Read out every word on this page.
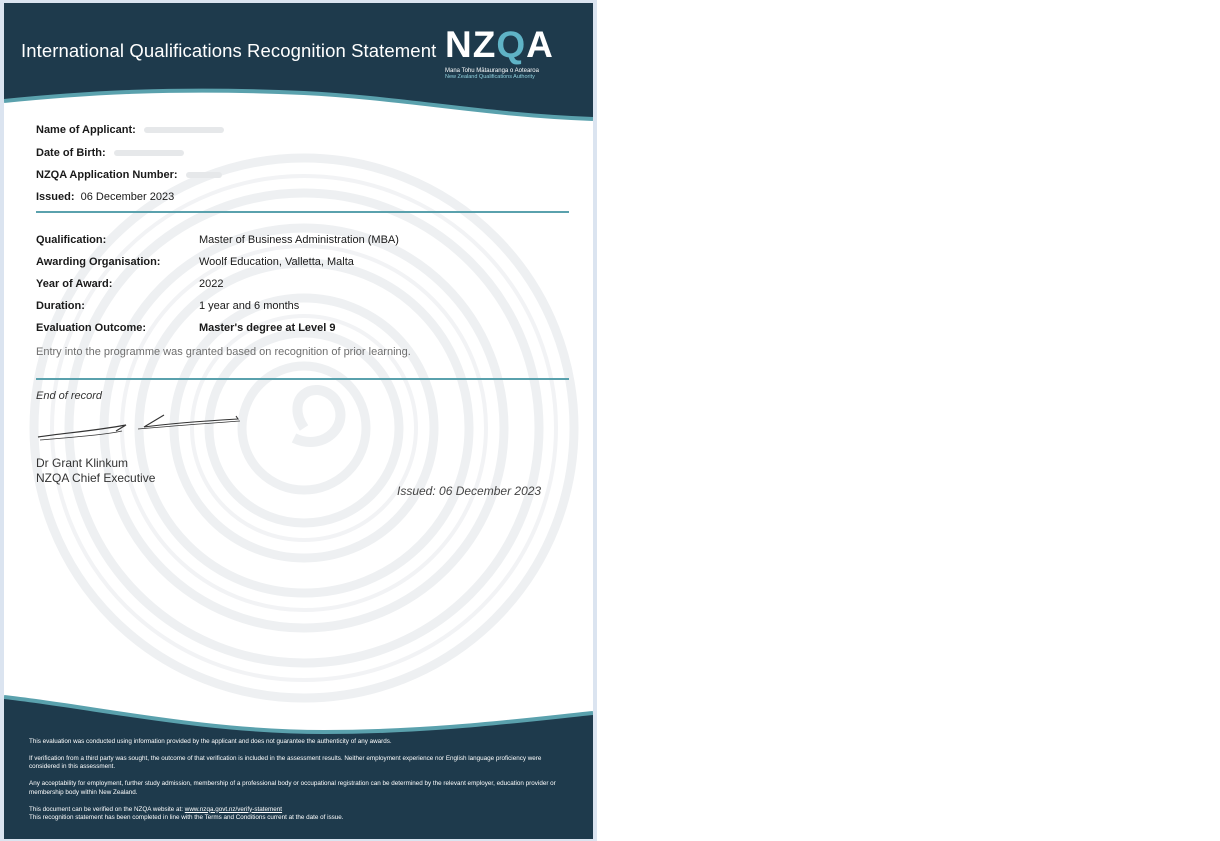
International Qualifications Recognition Statement NZQA
Mana Tohu Mātauranga o Aotearoa
New Zealand Qualifications Authority
Name of Applicant:
Date of Birth:
NZQA Application Number:
Issued: 06 December 2023
Qualification:	Master of Business Administration (MBA)
Awarding Organisation:	Woolf Education, Valletta, Malta
Year of Award:	2022
Duration:	1 year and 6 months
Evaluation Outcome:	Master's degree at Level 9
Entry into the programme was granted based on recognition of prior learning.
End of record
Dr Grant Klinkum
NZQA Chief Executive
Issued: 06 December 2023

This evaluation was conducted using information provided by the applicant and does not guarantee the authenticity of any awards.

If verification from a third party was sought, the outcome of that verification is included in the assessment results. Neither employment experience nor English language proficiency were considered in this assessment.

Any acceptability for employment, further study admission, membership of a professional body or occupational registration can be determined by the relevant employer, education provider or membership body within New Zealand.

This document can be verified on the NZQA website at: www.nzqa.govt.nz/verify-statement
This recognition statement has been completed in line with the Terms and Conditions current at the date of issue.
